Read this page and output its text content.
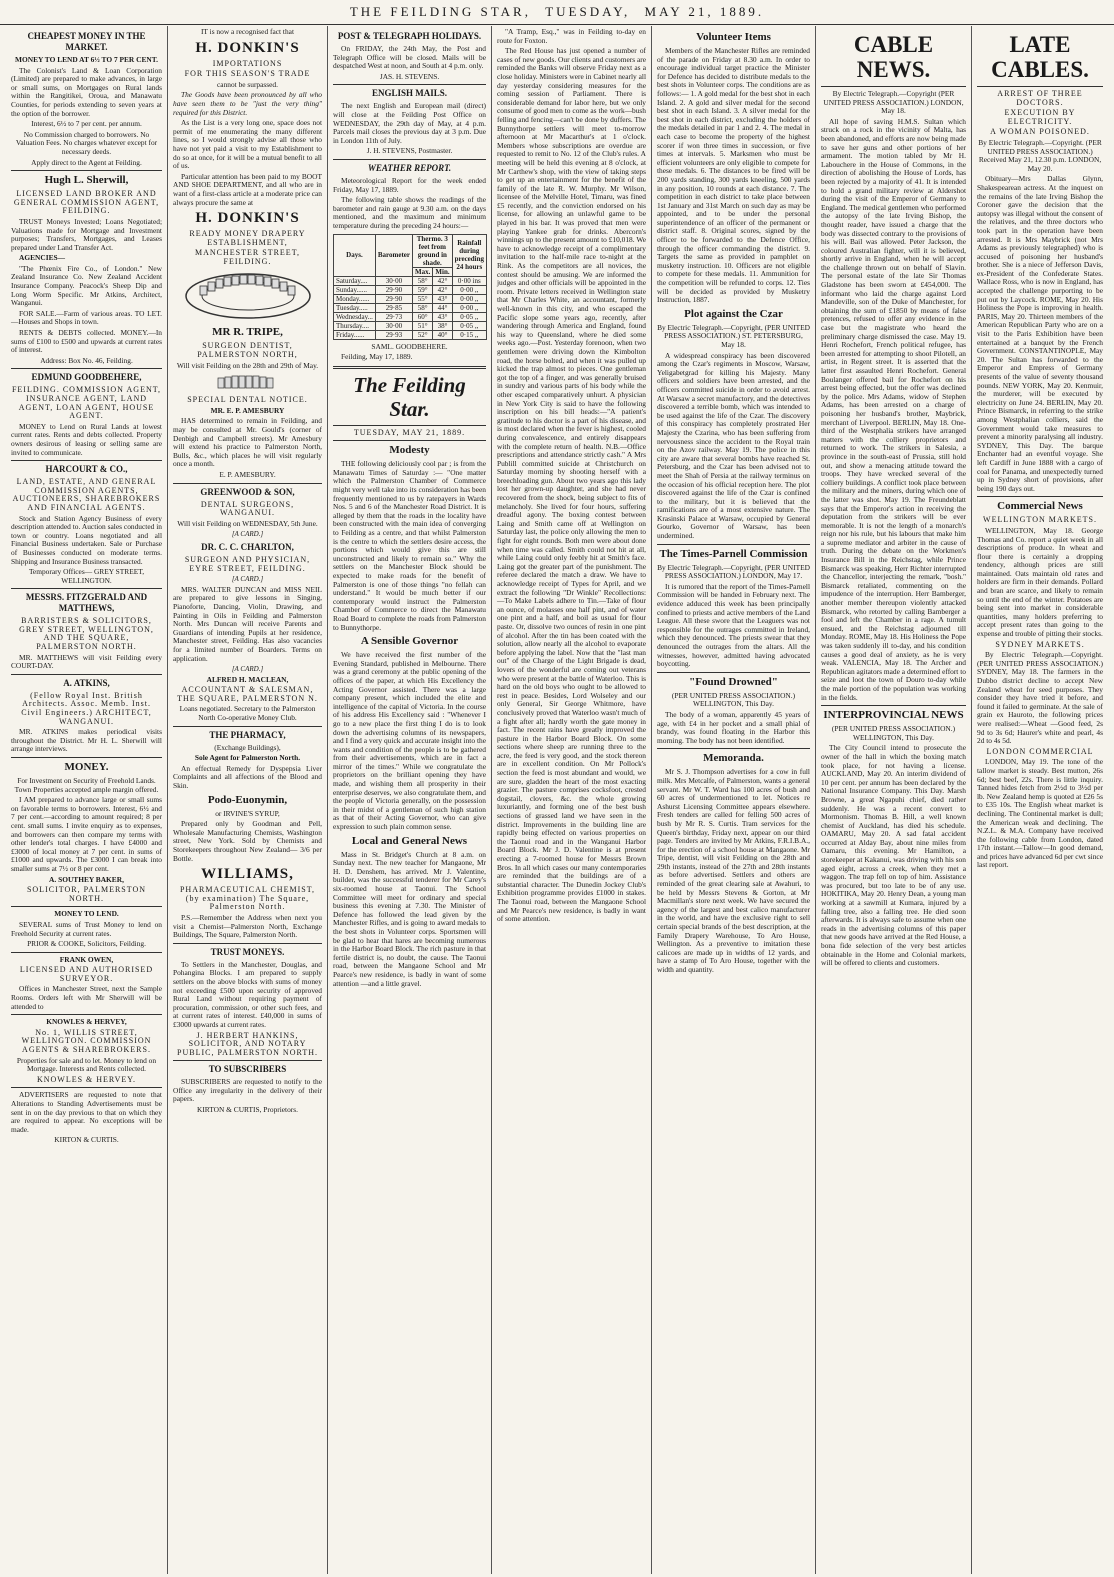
THE FEILDING STAR, TUESDAY, MAY 21, 1889.
CHEAPEST MONEY IN THE MARKET.

MONEY TO LEND AT 6½ TO 7 PER CENT.

The Colonist's Land & Loan Corporation (Limited) are prepared to make advances, in large or small sums, on Mortgages on Rural lands within the Rangitikei, Oroua, and Manawatu Counties, for periods extending to seven years at the option of the borrower.

Interest, 6½ to 7 per cent. per annum.

No Commission charged to borrowers. No Valuation Fees. No charges whatever except for necessary deeds.

Apply direct to the Agent at Feilding.

Hugh L. Sherwill,

LICENSED LAND BROKER AND GENERAL COMMISSION AGENT, FEILDING.

TRUST Moneys Invested; Loans Negotiated; Valuations made for Mortgage and Investment purposes; Transfers, Mortgages, and Leases prepared under Land Transfer Act.

AGENCIES—

"The Phœnix Fire Co., of London." New Zealand Insurance Co. New Zealand Accident Insurance Company. Peacock's Sheep Dip and Long Worm Specific. Mr Atkins, Architect, Wanganui.

FOR SALE.—Farm of various areas. TO LET.—Houses and Shops in town.

RENTS & DEBTS collected. MONEY.—In sums of £100 to £500 and upwards at current rates of interest.

Address: Box No. 46, Feilding.

EDMUND GOODBEHERE,

FEILDING. COMMISSION AGENT, INSURANCE AGENT, LAND AGENT, LOAN AGENT, HOUSE AGENT.

MONEY to Lend on Rural Lands at lowest current rates. Rents and debts collected. Property owners desirous of leasing or selling same are invited to communicate.

HARCOURT & CO.,

LAND, ESTATE, AND GENERAL COMMISSION AGENTS, AUCTIONEERS, SHAREBROKERS AND FINANCIAL AGENTS.

Stock and Station Agency Business of every description attended to. Auction sales conducted in town or country. Loans negotiated and all Financial Business undertaken. Sale or Purchase of Businesses conducted on moderate terms. Shipping and Insurance Business transacted.

Temporary Offices— GREY STREET, WELLINGTON.

MESSRS. FITZGERALD AND MATTHEWS,

BARRISTERS & SOLICITORS, GREY STREET, WELLINGTON, AND THE SQUARE, PALMERSTON NORTH.

MR. MATTHEWS will visit Feilding every COURT-DAY.

A. ATKINS,

(Fellow Royal Inst. British Architects. Assoc. Memb. Inst. Civil Engineers.) ARCHITECT, WANGANUI.

MR. ATKINS makes periodical visits throughout the District. Mr H. L. Sherwill will arrange interviews.

MONEY.

For Investment on Security of Freehold Lands. Town Properties accepted ample margin offered.

I AM prepared to advance large or small sums on favorable terms to borrowers. Interest, 6½ and 7 per cent.—according to amount required; 8 per cent. small sums. I invite enquiry as to expenses, and borrowers can then compare my terms with other lender's total charges. I have £4000 and £3000 of local money at 7 per cent. in sums of £1000 and upwards. The £3000 I can break into smaller sums at 7½ or 8 per cent.

A. SOUTHEY BAKER,

SOLICITOR, PALMERSTON NORTH.

MONEY TO LEND.

SEVERAL sums of Trust Money to lend on Freehold Security at current rates.

PRIOR & COOKE, Solicitors, Feilding.

FRANK OWEN,

LICENSED AND AUTHORISED SURVEYOR.

Offices in Manchester Street, next the Sample Rooms. Orders left with Mr Sherwill will be attended to

KNOWLES & HERVEY,

No. 1, WILLIS STREET, WELLINGTON. COMMISSION AGENTS & SHAREBROKERS.

Properties for sale and to let. Money to lend on Mortgage. Interests and Rents collected.

KNOWLES & HERVEY.

ADVERTISERS are requested to note that Alterations to Standing Advertisements must be sent in on the day previous to that on which they are required to appear. No exceptions will be made.

KIRTON & CURTIS.

IT is now a recognised fact that

H. DONKIN'S

IMPORTATIONS

FOR THIS SEASON'S TRADE

cannot be surpassed.

The Goods have been pronounced by all who have seen them to be "just the very thing" required for this District.

As the List is a very long one, space does not permit of me enumerating the many different lines, so I would strongly advise all those who have not yet paid a visit to my Establishment to do so at once, for it will be a mutual benefit to all of us.

Particular attention has been paid to my BOOT AND SHOE DEPARTMENT, and all who are in want of a first-class article at a moderate price can always procure the same at

H. DONKIN'S

READY MONEY DRAPERY ESTABLISHMENT,

MANCHESTER STREET, FEILDING.

MR R. TRIPE,

SURGEON DENTIST, PALMERSTON NORTH,

Will visit Feilding on the 28th and 29th of May.

SPECIAL DENTAL NOTICE.

MR. E. P. AMESBURY

HAS determined to remain in Feilding, and may be consulted at Mr. Gould's (corner of Denbigh and Campbell streets). Mr Amesbury will extend his practice to Palmerston North, Bulls, &c., which places he will visit regularly once a month.

E. P. AMESBURY.

GREENWOOD & SON,

DENTAL SURGEONS, WANGANUI.

Will visit Feilding on WEDNESDAY, 5th June.

[A CARD.]

DR. C. C. CHARLTON,

SURGEON AND PHYSICIAN, EYRE STREET, FEILDING.

[A CARD.]

MRS. WALTER DUNCAN and MISS NEIL are prepared to give lessons in Singing, Pianoforte, Dancing, Violin, Drawing, and Painting in Oils in Feilding and Palmerston North. Mrs Duncan will receive Parents and Guardians of intending Pupils at her residence, Manchester street, Feilding. Has also vacancies for a limited number of Boarders. Terms on application.

[A CARD.]

ALFRED H. MACLEAN,

ACCOUNTANT & SALESMAN, THE SQUARE, PALMERSTON N.

Loans negotiated. Secretary to the Palmerston North Co-operative Money Club.

THE PHARMACY,

(Exchange Buildings),

Sole Agent for Palmerston North.

An effectual Remedy for Dyspepsia Liver Complaints and all affections of the Blood and Skin.

Podo-Euonymin,

or IRVINE'S SYRUP,

Prepared only by Goodman and Pell, Wholesale Manufacturing Chemists, Washington street, New York. Sold by Chemists and Storekeepers throughout New Zealand— 3/6 per Bottle.

WILLIAMS,

PHARMACEUTICAL CHEMIST, (by examination) The Square, Palmerston North.

P.S.—Remember the Address when next you visit a Chemist—Palmerston North, Exchange Buildings, The Square, Palmerston North.

TRUST MONEYS.

To Settlers in the Manchester, Douglas, and Pohangina Blocks. I am prepared to supply settlers on the above blocks with sums of money not exceeding £500 upon security of approved Rural Land without requiring payment of procuration, commission, or other such fees, and at current rates of interest. £40,000 in sums of £3000 upwards at current rates.

J. HERBERT HANKINS, SOLICITOR, AND NOTARY PUBLIC, PALMERSTON NORTH.

TO SUBSCRIBERS

SUBSCRIBERS are requested to notify to the Office any irregularity in the delivery of their papers.

KIRTON & CURTIS, Proprietors.

POST & TELEGRAPH HOLIDAYS.

On FRIDAY, the 24th May, the Post and Telegraph Office will be closed. Mails will be despatched West at noon, and South at 4 p.m. only.

JAS. H. STEVENS.

ENGLISH MAILS.

The next English and European mail (direct) will close at the Feilding Post Office on WEDNESDAY, the 29th day of May, at 4 p.m. Parcels mail closes the previous day at 3 p.m. Due in London 11th of July.

J. H. STEVENS, Postmaster.

WEATHER REPORT.

Meteorological Report for the week ended Friday, May 17, 1889.

The following table shows the readings of the barometer and rain gauge at 9.30 a.m. on the days mentioned, and the maximum and minimum temperature during the preceding 24 hours:—

Days.	Barometer	Thermo. 3 feet from ground in shade.		Rainfall during preceding 24 hours
		Max.	Min.	
Saturday....	30·00	58°	42°	0·00 ins
Sunday......	29·90	59°	42°	0·00 ,,
Monday......	29·90	55°	43°	0·00 ,,
Tuesday.....	29·85	58°	44°	0·00 ,,
Wednesday...	29·73	60°	43°	0·05 ,,
Thursday....	30·00	51°	38°	0·05 ,,
Friday......	29·93	52°	40°	0·15 ,,

SAML. GOODBEHERE.

Feilding, May 17, 1889.

The Feilding Star.

TUESDAY, MAY 21, 1889.

Modesty

THE following deliciously cool par ; is from the Manawatu Times of Saturday :— "One matter which the Palmerston Chamber of Commerce might very well take into its consideration has been frequently mentioned to us by ratepayers in Wards Nos. 5 and 6 of the Manchester Road District. It is alleged by them that the roads in the locality have been constructed with the main idea of converging to Feilding as a centre, and that whilst Palmerston is the centre to which the settlers desire access, the portions which would give this are still unconstructed and likely to remain so." Why the settlers on the Manchester Block should be expected to make roads for the benefit of Palmerston is one of those things "no fellah can understand." It would be much better if our contemporary would instruct the Palmerston Chamber of Commerce to direct the Manawatu Road Board to complete the roads from Palmerston to Bunnythorpe.

A Sensible Governor

We have received the first number of the Evening Standard, published in Melbourne. There was a grand ceremony at the public opening of the offices of the paper, at which His Excellency the Acting Governor assisted. There was a large company present, which included the elite and intelligence of the capital of Victoria. In the course of his address His Excellency said : "Whenever I go to a new place the first thing I do is to look down the advertising columns of its newspapers, and I find a very quick and accurate insight into the wants and condition of the people is to be gathered from their advertisements, which are in fact a mirror of the times." While we congratulate the proprietors on the brilliant opening they have made, and wishing them all prosperity in their enterprise deserves, we also congratulate them, and the people of Victoria generally, on the possession in their midst of a gentleman of such high station as that of their Acting Governor, who can give expression to such plain common sense.

Local and General News

Mass in St. Bridget's Church at 8 a.m. on Sunday next. The new teacher for Mangaone, Mr H. D. Denshem, has arrived. Mr J. Valentine, builder, was the successful tenderer for Mr Carey's six-roomed house at Taonui. The School Committee will meet for ordinary and special business this evening at 7.30. The Minister of Defence has followed the lead given by the Manchester Rifles, and is going to award medals to the best shots in Volunteer corps. Sportsmen will be glad to hear that hares are becoming numerous in the Harbor Board Block. The rich pasture in that fertile district is, no doubt, the cause. The Taonui road, between the Mangaone School and Mr Pearce's new residence, is badly in want of some attention —and a little gravel.

"A Tramp, Esq.," was in Feilding to-day en route for Foxton.

The Red House has just opened a number of cases of new goods. Our clients and customers are reminded the Banks will observe Friday next as a close holiday. Ministers were in Cabinet nearly all day yesterday considering measures for the coming session of Parliament. There is considerable demand for labor here, but we only consume of good men to come as the work—bush felling and fencing—can't be done by duffers. The Bunnythorpe settlers will meet to-morrow afternoon at Mr Macarthur's at 1 o'clock. Members whose subscriptions are overdue are requested to remit to No. 12 of the Club's rules. A meeting will be held this evening at 8 o'clock, at Mr Carthew's shop, with the view of taking steps to get up an entertainment for the benefit of the family of the late R. W. Murphy. Mr Wilson, licensee of the Melville Hotel, Timaru, was fined £5 recently, and the conviction endorsed on his license, for allowing an unlawful game to be played in his bar. It was proved that men were playing Yankee grab for drinks. Abercorn's winnings up to the present amount to £10,018. We have to acknowledge receipt of a complimentary invitation to the half-mile race to-night at the Rink. As the competitors are all novices, the contest should be amusing. We are informed the judges and other officials will be appointed in the room. Private letters received in Wellington state that Mr Charles White, an accountant, formerly well-known in this city, and who escaped the Pacific slope some years ago, recently, after wandering through America and England, found his way to Queensland, where he died some weeks ago.—Post. Yesterday forenoon, when two gentlemen were driving down the Kimbolton road, the horse bolted, and when it was pulled up kicked the trap almost to pieces. One gentleman got the top of a finger, and was generally bruised in sundry and various parts of his body while the other escaped comparatively unhurt. A physician in New York City is said to have the following inscription on his bill heads:—"A patient's gratitude to his doctor is a part of his disease, and is most declared when the fever is highest, cooled during convalescence, and entirely disappears with the complete return of health. N.B.—Office prescriptions and attendance strictly cash." A Mrs Publill committed suicide at Christchurch on Saturday morning by shooting herself with a breechloading gun. About two years ago this lady lost her grown-up daughter, and she had never recovered from the shock, being subject to fits of melancholy. She lived for four hours, suffering dreadful agony. The boxing contest between Laing and Smith came off at Wellington on Saturday last, the police only allowing the men to fight for eight rounds. Both men were about done when time was called. Smith could not hit at all, while Laing could only feebly hit at Smith's face. Laing got the greater part of the punishment. The referee declared the match a draw. We have to acknowledge receipt of Types for April, and we extract the following "Dr Winkle" Recollections:—To Make Labels adhere to Tin.—Take of flour an ounce, of molasses one half pint, and of water one pint and a half, and boil as usual for flour paste. Or, dissolve two ounces of resin in one pint of alcohol. After the tin has been coated with the solution, allow nearly all the alcohol to evaporate before applying the label. Now that the "last man out" of the Charge of the Light Brigade is dead, lovers of the wonderful are coming out veterans who were present at the battle of Waterloo. This is hard on the old boys who ought to be allowed to rest in peace. Besides, Lord Wolseley and our only General, Sir George Whitmore, have conclusively proved that Waterloo wasn't much of a fight after all; hardly worth the gate money in fact. The recent rains have greatly improved the pasture in the Harbor Board Block. On some sections where sheep are running three to the acre, the feed is very good, and the stock thereon are in excellent condition. On Mr Pollock's section the feed is most abundant and would, we are sure, gladden the heart of the most exacting grazier. The pasture comprises cocksfoot, crested dogstail, clovers, &c. the whole growing luxuriantly, and forming one of the best bush sections of grassed land we have seen in the district. Improvements in the building line are rapidly being effected on various properties on the Taonui road and in the Wanganui Harbor Board Block. Mr J. D. Valentine is at present erecting a 7-roomed house for Messrs Brown Bros. In all which cases our many contemporaries are reminded that the buildings are of a substantial character. The Dunedin Jockey Club's Exhibition programme provides £1000 in stakes. The Taonui road, between the Mangaone School and Mr Pearce's new residence, is badly in want of some attention.

Volunteer Items

Members of the Manchester Rifles are reminded of the parade on Friday at 8.30 a.m. In order to encourage individual target practice the Minister for Defence has decided to distribute medals to the best shots in Volunteer corps. The conditions are as follows:— 1. A gold medal for the best shot in each Island. 2. A gold and silver medal for the second best shot in each Island. 3. A silver medal for the best shot in each district, excluding the holders of the medals detailed in par 1 and 2. 4. The medal in each case to become the property of the highest scorer if won three times in succession, or five times at intervals. 5. Marksmen who must be efficient volunteers are only eligible to compete for these medals. 6. The distances to be fired will be 200 yards standing, 300 yards kneeling, 500 yards in any position, 10 rounds at each distance. 7. The competition in each district to take place between 1st January and 31st March on such day as may be appointed, and to be under the personal superintendence of an officer of the permanent or district staff. 8. Original scores, signed by the officer to be forwarded to the Defence Office, through the officer commanding the district. 9. Targets the same as provided in pamphlet on musketry instruction. 10. Officers are not eligible to compete for these medals. 11. Ammunition for the competition will be refunded to corps. 12. Ties will be decided as provided by Musketry Instruction, 1887.

Plot against the Czar

By Electric Telegraph.—Copyright, (PER UNITED PRESS ASSOCIATION.) ST. PETERSBURG, May 18.

A widespread conspiracy has been discovered among the Czar's regiments in Moscow, Warsaw, Yeligabetgrad for killing his Majesty. Many officers and soldiers have been arrested, and the officers committed suicide in order to avoid arrest. At Warsaw a secret manufactory, and the detectives discovered a terrible bomb, which was intended to be used against the life of the Czar. The discovery of this conspiracy has completely prostrated Her Majesty the Czarina, who has been suffering from nervousness since the accident to the Royal train on the Azov railway. May 19. The police in this city are aware that several bombs have reached St. Petersburg, and the Czar has been advised not to meet the Shah of Persia at the railway terminus on the occasion of his official reception here. The plot discovered against the life of the Czar is confined to the military, but it is believed that the ramifications are of a most extensive nature. The Krasinski Palace at Warsaw, occupied by General Gourko, Governor of Warsaw, has been undermined.

The Times-Parnell Commission

By Electric Telegraph.—Copyright, (PER UNITED PRESS ASSOCIATION.) LONDON, May 17.

It is rumored that the report of the Times-Parnell Commission will be handed in February next. The evidence adduced this week has been principally confined to priests and active members of the Land League. All these swore that the Leaguers was not responsible for the outrages committed in Ireland, which they denounced. The priests swear that they denounced the outrages from the altars. All the witnesses, however, admitted having advocated boycotting.

"Found Drowned"

(PER UNITED PRESS ASSOCIATION.) WELLINGTON, This Day.

The body of a woman, apparently 45 years of age, with £4 in her pocket and a small phial of brandy, was found floating in the Harbor this morning. The body has not been identified.

Memoranda.

Mr S. J. Thompson advertises for a cow in full milk. Mrs Metcalfe, of Palmerston, wants a general servant. Mr W. T. Ward has 100 acres of bush and 60 acres of undermentioned to let. Notices re Ashurst Licensing Committee appears elsewhere. Fresh tenders are called for felling 500 acres of bush by Mr R. S. Curtis. Tram services for the Queen's birthday, Friday next, appear on our third page. Tenders are invited by Mr Atkins, F.R.I.B.A., for the erection of a school house at Mangaone. Mr Tripe, dentist, will visit Feilding on the 28th and 29th instants, instead of the 27th and 28th instants as before advertised. Settlers and others are reminded of the great clearing sale at Awahuri, to be held by Messrs Stevens & Gorton, at Mr Macmillan's store next week. We have secured the agency of the largest and best calico manufacturer in the world, and have the exclusive right to sell certain special brands of the best description, at the Family Drapery Warehouse, To Aro House, Wellington. As a preventive to imitation these calicoes are made up in widths of 12 yards, and have a stamp of To Aro House, together with the width and quantity.

CABLE NEWS.

By Electric Telegraph.—Copyright (PER UNITED PRESS ASSOCIATION.) LONDON, May 18.

All hope of saving H.M.S. Sultan which struck on a rock in the vicinity of Malta, has been abandoned, and efforts are now being made to save her guns and other portions of her armament. The motion tabled by Mr H. Labouchere in the House of Commons, in the direction of abolishing the House of Lords, has been rejected by a majority of 41. It is intended to hold a grand military review at Aldershot during the visit of the Emperor of Germany to England. The medical gentlemen who performed the autopsy of the late Irving Bishop, the thought reader, have issued a charge that the body was dissected contrary to the provisions of his will. Bail was allowed. Peter Jackson, the coloured Australian fighter, will it is believed, shortly arrive in England, when he will accept the challenge thrown out on behalf of Slavin. The personal estate of the late Sir Thomas Gladstone has been sworn at £454,000. The informant who laid the charge against Lord Mandeville, son of the Duke of Manchester, for obtaining the sum of £1850 by means of false pretences, refused to offer any evidence in the case but the magistrate who heard the preliminary charge dismissed the case. May 19. Henri Rochefort, French political refugee, has been arrested for attempting to shoot Pilotell, an artist, in Regent street. It is asserted that the latter first assaulted Henri Rochefort. General Boulanger offered bail for Rochefort on his arrest being effected, but the offer was declined by the police. Mrs Adams, widow of Stephen Adams, has been arrested on a charge of poisoning her husband's brother, Maybrick, merchant of Liverpool. BERLIN, May 18. One-third of the Westphalia strikers have arranged matters with the colliery proprietors and returned to work. The strikers in Salesia, a province in the south-east of Prussia, still hold out, and show a menacing attitude toward the troops. They have wrecked several of the colliery buildings. A conflict took place between the military and the miners, during which one of the latter was shot. May 19. The Freundeblatt says that the Emperor's action in receiving the deputation from the strikers will be ever memorable. It is not the length of a monarch's reign nor his rule, but his labours that make him a supreme mediator and arbiter in the cause of truth. During the debate on the Workmen's Insurance Bill in the Reichstag, while Prince Bismarck was speaking, Herr Richter interrupted the Chancellor, interjecting the remark, "bosh." Bismarck retaliated, commenting on the impudence of the interruption. Herr Bamberger, another member thereupon violently attacked Bismarck, who retorted by calling Bamberger a fool and left the Chamber in a rage. A tumult ensued, and the Reichstag adjourned till Monday. ROME, May 18. His Holiness the Pope was taken suddenly ill to-day, and his condition causes a good deal of anxiety, as he is very weak. VALENCIA, May 18. The Archer and Republican agitators made a determined effort to seize and loot the town of Douro to-day while the male portion of the population was working in the fields.

INTERPROVINCIAL NEWS

(PER UNITED PRESS ASSOCIATION.) WELLINGTON, This Day.

The City Council intend to prosecute the owner of the hall in which the boxing match took place, for not having a license. AUCKLAND, May 20. An interim dividend of 10 per cent. per annum has been declared by the National Insurance Company. This Day. Marsh Browne, a great Ngapuhi chief, died rather suddenly. He was a recent convert to Mormonism. Thomas B. Hill, a well known chemist of Auckland, has died his schedule. OAMARU, May 20. A sad fatal accident occurred at Alday Bay, about nine miles from Oamaru, this evening. Mr Hamilton, a storekeeper at Kakanui, was driving with his son aged eight, across a creek, when they met a waggon. The trap fell on top of him. Assistance was procured, but too late to be of any use. HOKITIKA, May 20. Henry Dean, a young man working at a sawmill at Kumara, injured by a falling tree, also a falling tree. He died soon afterwards. It is always safe to assume when one reads in the advertising columns of this paper that new goods have arrived at the Red House, a bona fide selection of the very best articles obtainable in the Home and Colonial markets, will be offered to clients and customers.

LATE CABLES.

ARREST OF THREE DOCTORS.

EXECUTION BY ELECTRICITY.

A WOMAN POISONED.

By Electric Telegraph.—Copyright. (PER UNITED PRESS ASSOCIATION.) Received May 21, 12.30 p.m. LONDON, May 20.

Obituary—Mrs Dallas Glynn, Shakespearean actress. At the inquest on the remains of the late Irving Bishop the Coroner gave the decision that the autopsy was illegal without the consent of the relatives, and the three doctors who took part in the operation have been arrested. It is Mrs Maybrick (not Mrs Adams as previously telegraphed) who is accused of poisoning her husband's brother. She is a niece of Jefferson Davis, ex-President of the Confederate States. Wallace Ross, who is now in England, has accepted the challenge purporting to be put out by Laycock. ROME, May 20. His Holiness the Pope is improving in health. PARIS, May 20. Thirteen members of the American Republican Party who are on a visit to the Paris Exhibition have been entertained at a banquet by the French Government. CONSTANTINOPLE, May 20. The Sultan has forwarded to the Emperor and Empress of Germany presents of the value of seventy thousand pounds. NEW YORK, May 20. Kenmuir, the murderer, will be executed by electricity on June 24. BERLIN, May 20. Prince Bismarck, in referring to the strike among Westphalian colliers, said the Government would take measures to prevent a minority paralysing all industry. SYDNEY, This Day. The barque Enchanter had an eventful voyage. She left Cardiff in June 1888 with a cargo of coal for Panama, and unexpectedly turned up in Sydney short of provisions, after being 190 days out.

Commercial News

WELLINGTON MARKETS.

WELLINGTON, May 18. George Thomas and Co. report a quiet week in all descriptions of produce. In wheat and flour there is certainly a dropping tendency, although prices are still maintained. Oats maintain old rates and holders are firm in their demands. Pollard and bran are scarce, and likely to remain so until the end of the winter. Potatoes are being sent into market in considerable quantities, many holders preferring to accept present rates than going to the expense and trouble of pitting their stocks.

SYDNEY MARKETS.

By Electric Telegraph.—Copyright. (PER UNITED PRESS ASSOCIATION.) SYDNEY, May 18. The farmers in the Dubbo district decline to accept New Zealand wheat for seed purposes. They consider they have tried it before, and found it failed to germinate. At the sale of grain ex Hauroto, the following prices were realised:—Wheat —Good feed, 2s 9d to 3s 6d; Haurer's white and pearl, 4s 2d to 4s 5d.

LONDON COMMERCIAL

LONDON, May 19. The tone of the tallow market is steady. Best mutton, 26s 6d; best beef, 22s. There is little inquiry. Tanned hides fetch from 2½d to 3½d per lb. New Zealand hemp is quoted at £26 5s to £35 10s. The English wheat market is declining. The Continental market is dull; the American weak and declining. The N.Z.L. & M.A. Company have received the following cable from London, dated 17th instant.—Tallow—In good demand, and prices have advanced 6d per cwt since last report.
